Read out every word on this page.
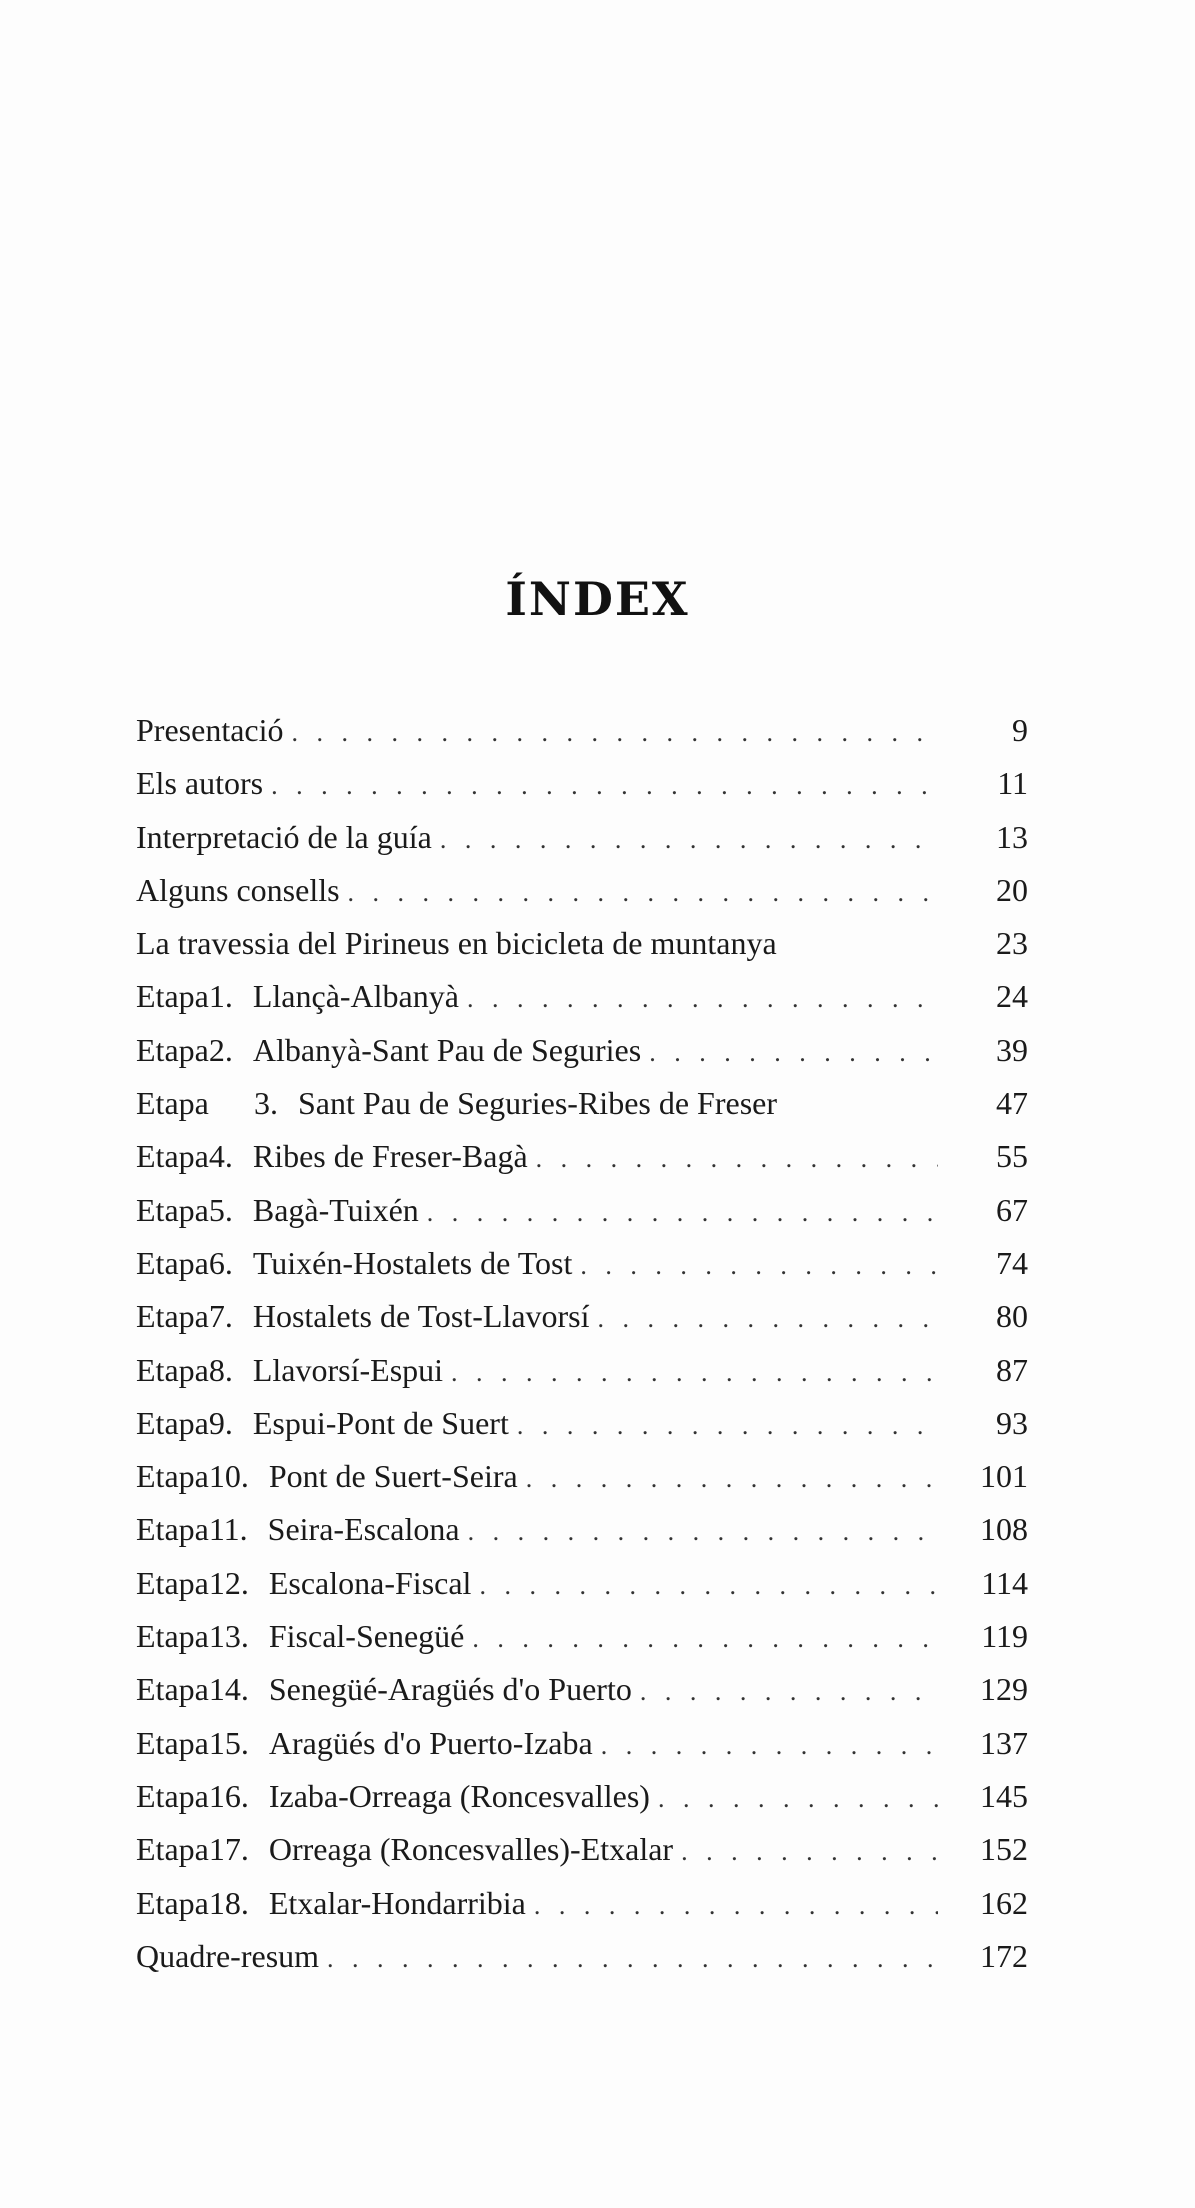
ÍNDEX
Presentació . . .	9
Els autors . . .	11
Interpretació de la guía . . .	13
Alguns consells . . .	20
La travessia del Pirineus en bicicleta de muntanya	23
Etapa 1. Llançà-Albanyà . . .	24
Etapa 2. Albanyà-Sant Pau de Seguries . . .	39
Etapa	3. Sant Pau de Seguries-Ribes de Freser	47
Etapa 4. Ribes de Freser-Bagà . . .	55
Etapa 5. Bagà-Tuixén . . .	67
Etapa 6. Tuixén-Hostalets de Tost . . .	74
Etapa 7. Hostalets de Tost-Llavorsí . . .	80
Etapa 8. Llavorsí-Espui . . .	87
Etapa 9. Espui-Pont de Suert . . .	93
Etapa 10. Pont de Suert-Seira . . .	101
Etapa 11. Seira-Escalona . . .	108
Etapa 12. Escalona-Fiscal . . .	114
Etapa 13. Fiscal-Senegüé . . .	119
Etapa 14. Senegüé-Aragüés d'o Puerto . . .	129
Etapa 15. Aragüés d'o Puerto-Izaba . . .	137
Etapa 16. Izaba-Orreaga (Roncesvalles) . . .	145
Etapa 17. Orreaga (Roncesvalles)-Etxalar . . .	152
Etapa 18. Etxalar-Hondarribia . . .	162
Quadre-resum . . .	172
